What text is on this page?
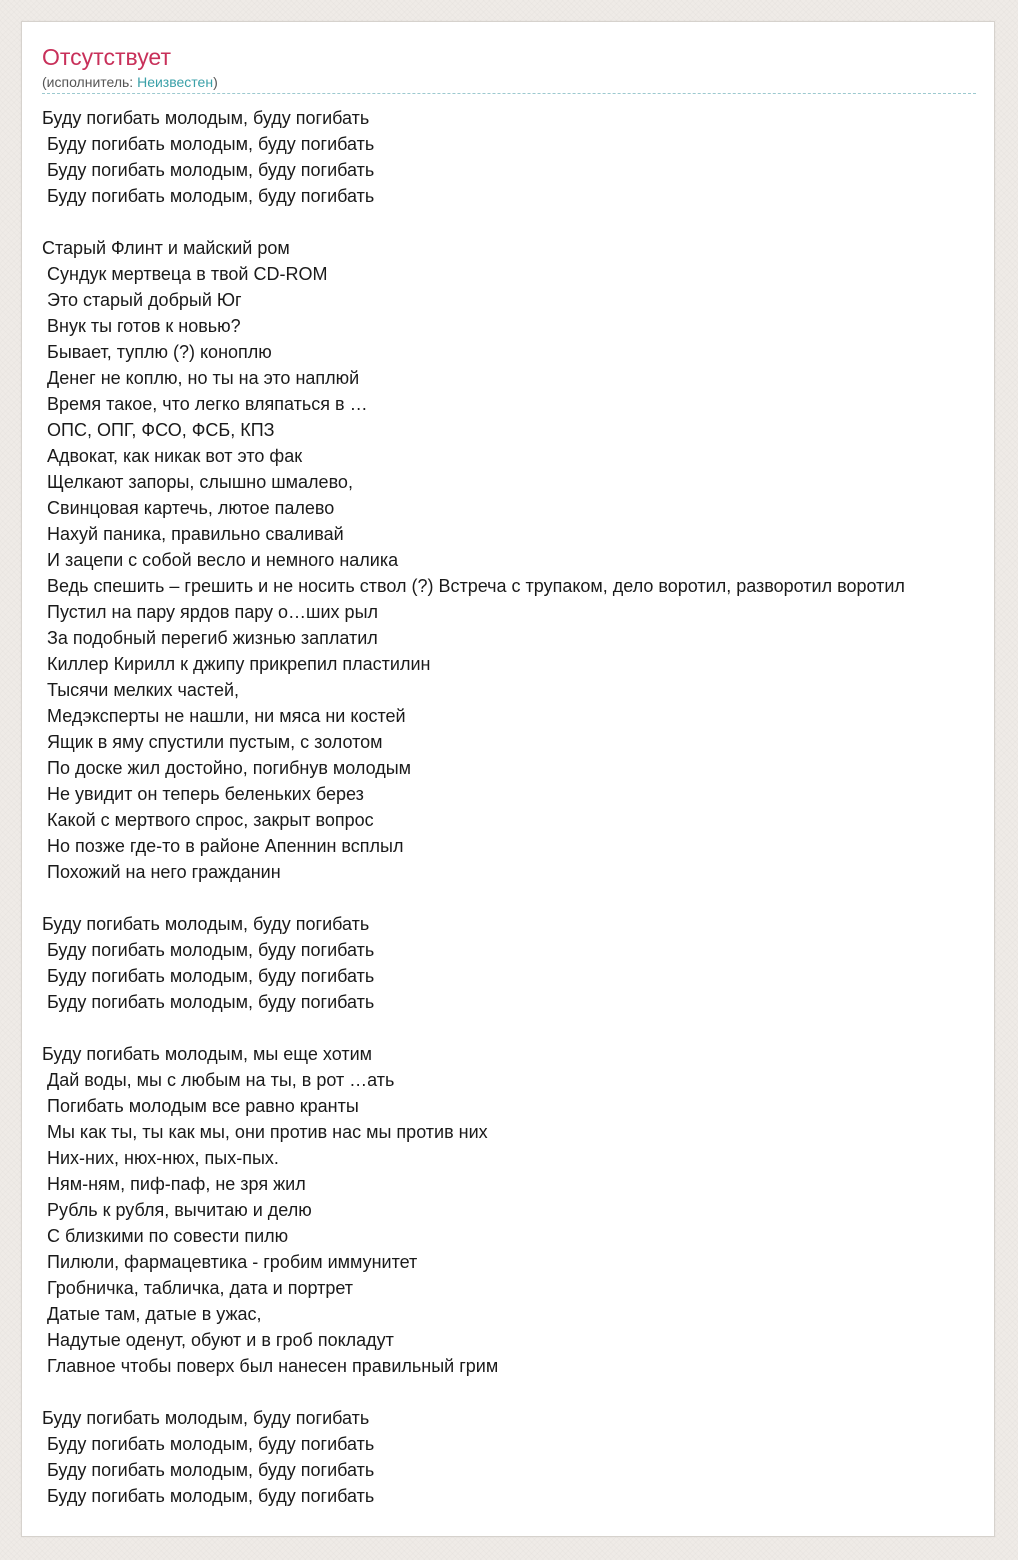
Отсутствует
(исполнитель: Неизвестен)
Буду погибать молодым, буду погибать
Буду погибать молодым, буду погибать
Буду погибать молодым, буду погибать
Буду погибать молодым, буду погибать
Старый Флинт и майский ром
Сундук мертвеца в твой CD-ROM
Это старый добрый Юг
Внук ты готов к новью?
Бывает, туплю (?) коноплю
Денег не коплю, но ты на это наплюй
Время такое, что легко вляпаться в …
ОПС, ОПГ, ФСО, ФСБ, КПЗ
Адвокат, как никак вот это фак
Щелкают запоры, слышно шмалево,
Свинцовая картечь, лютое палево
Нахуй паника, правильно сваливай
И зацепи с собой весло и немного налика
Ведь спешить – грешить и не носить ствол (?) Встреча с трупаком, дело воротил, разворотил воротил
Пустил на пару ярдов пару о…ших рыл
За подобный перегиб жизнью заплатил
Киллер Кирилл к джипу прикрепил пластилин
Тысячи мелких частей,
Медэксперты не нашли, ни мяса ни костей
Ящик в яму спустили пустым, с золотом
По доске жил достойно, погибнув молодым
Не увидит он теперь беленьких берез
Какой с мертвого спрос, закрыт вопрос
Но позже где-то в районе Апеннин всплыл
Похожий на него гражданин
Буду погибать молодым, буду погибать
Буду погибать молодым, буду погибать
Буду погибать молодым, буду погибать
Буду погибать молодым, буду погибать
Буду погибать молодым, мы еще хотим
Дай воды, мы с любым на ты, в рот …ать
Погибать молодым все равно кранты
Мы как ты, ты как мы, они против нас мы против них
Них-них, нюх-нюх, пых-пых.
Ням-ням, пиф-паф, не зря жил
Рубль к рубля, вычитаю и делю
С близкими по совести пилю
Пилюли, фармацевтика - гробим иммунитет
Гробничка, табличка, дата и портрет
Датые там, датые в ужас,
Надутые оденут, обуют и в гроб покладут
Главное чтобы поверх был нанесен правильный грим
Буду погибать молодым, буду погибать
Буду погибать молодым, буду погибать
Буду погибать молодым, буду погибать
Буду погибать молодым, буду погибать
